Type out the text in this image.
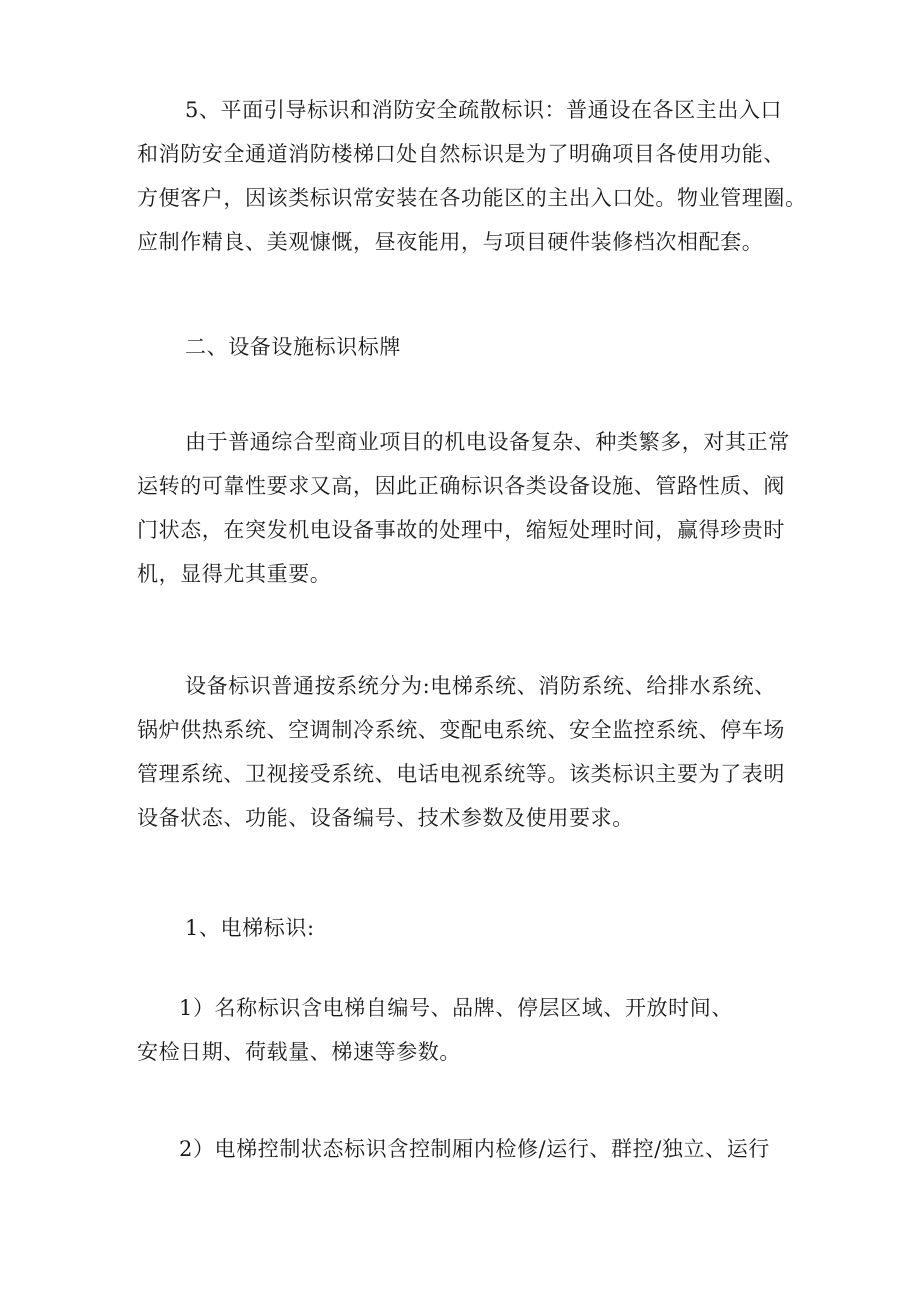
5、平面引导标识和消防安全疏散标识：普通设在各区主出入口
和消防安全通道消防楼梯口处自然标识是为了明确项目各使用功能、
方便客户，因该类标识常安装在各功能区的主出入口处。物业管理圈。
应制作精良、美观慷慨，昼夜能用，与项目硬件装修档次相配套。
二、设备设施标识标牌
由于普通综合型商业项目的机电设备复杂、种类繁多，对其正常
运转的可靠性要求又高，因此正确标识各类设备设施、管路性质、阀
门状态，在突发机电设备事故的处理中，缩短处理时间，赢得珍贵时
机，显得尤其重要。
设备标识普通按系统分为:电梯系统、消防系统、给排水系统、
锅炉供热系统、空调制冷系统、变配电系统、安全监控系统、停车场
管理系统、卫视接受系统、电话电视系统等。该类标识主要为了表明
设备状态、功能、设备编号、技术参数及使用要求。
1、电梯标识:
1）名称标识含电梯自编号、品牌、停层区域、开放时间、
安检日期、荷载量、梯速等参数。
2）电梯控制状态标识含控制厢内检修/运行、群控/独立、运行
